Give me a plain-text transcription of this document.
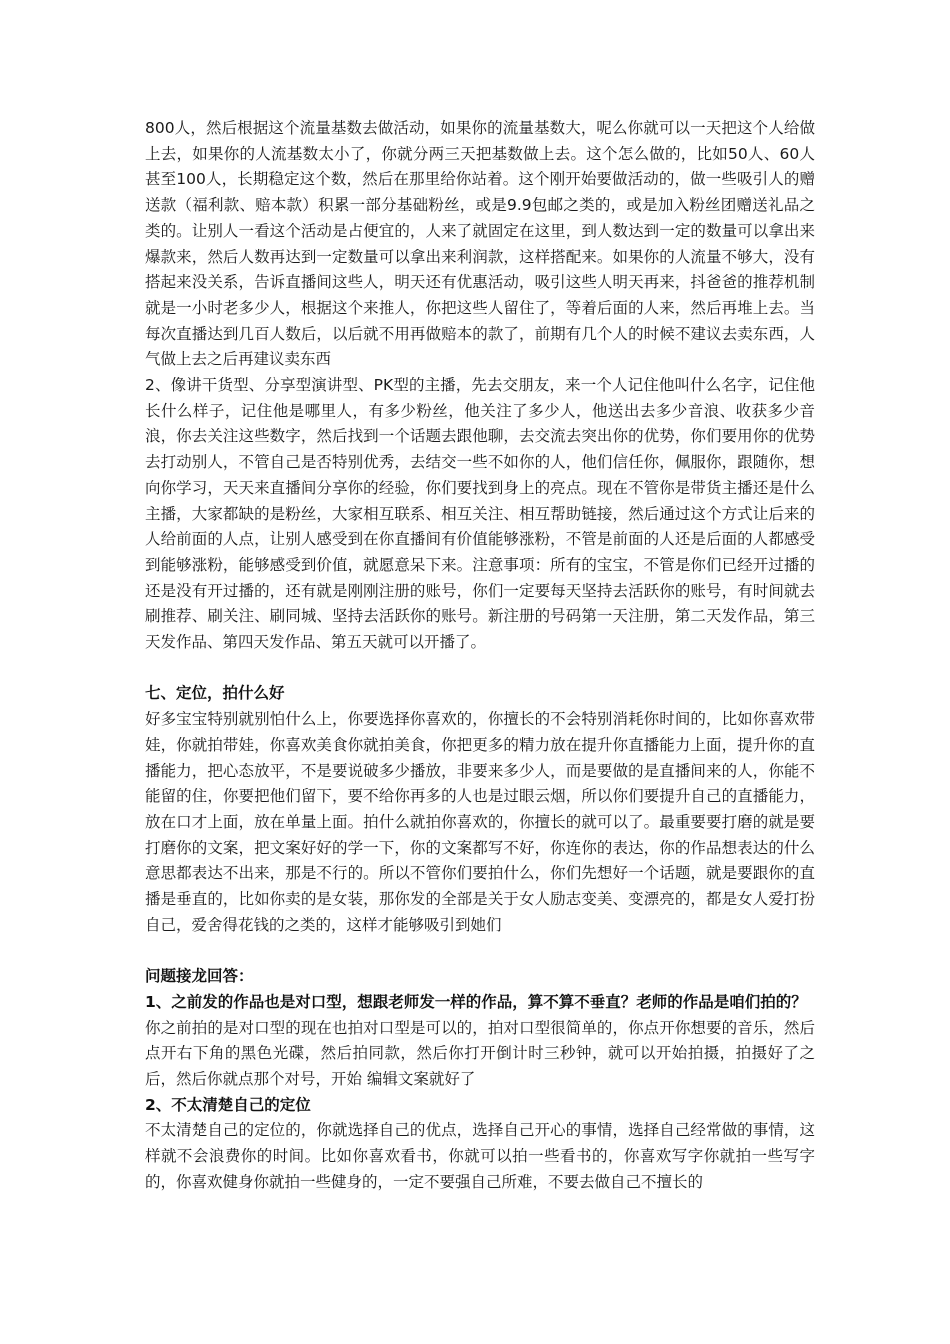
800人，然后根据这个流量基数去做活动，如果你的流量基数大，呢么你就可以一天把这个人给做上去，如果你的人流基数太小了，你就分两三天把基数做上去。这个怎么做的，比如50人、60人甚至100人，长期稳定这个数，然后在那里给你站着。这个刚开始要做活动的，做一些吸引人的赠送款（福利款、赔本款）积累一部分基础粉丝，或是9.9包邮之类的，或是加入粉丝团赠送礼品之类的。让别人一看这个活动是占便宜的，人来了就固定在这里，到人数达到一定的数量可以拿出来爆款来，然后人数再达到一定数量可以拿出来利润款，这样搭配来。如果你的人流量不够大，没有搭起来没关系，告诉直播间这些人，明天还有优惠活动，吸引这些人明天再来，抖爸爸的推荐机制就是一小时老多少人，根据这个来推人，你把这些人留住了，等着后面的人来，然后再堆上去。当每次直播达到几百人数后，以后就不用再做赔本的款了，前期有几个人的时候不建议去卖东西，人气做上去之后再建议卖东西

2、像讲干货型、分享型演讲型、PK型的主播，先去交朋友，来一个人记住他叫什么名字，记住他长什么样子，记住他是哪里人，有多少粉丝，他关注了多少人，他送出去多少音浪、收获多少音浪，你去关注这些数字，然后找到一个话题去跟他聊，去交流去突出你的优势，你们要用你的优势去打动别人，不管自己是否特别优秀，去结交一些不如你的人，他们信任你，佩服你，跟随你，想向你学习，天天来直播间分享你的经验，你们要找到身上的亮点。现在不管你是带货主播还是什么主播，大家都缺的是粉丝，大家相互联系、相互关注、相互帮助链接，然后通过这个方式让后来的人给前面的人点，让别人感受到在你直播间有价值能够涨粉，不管是前面的人还是后面的人都感受到能够涨粉，能够感受到价值，就愿意呆下来。注意事项：所有的宝宝，不管是你们已经开过播的还是没有开过播的，还有就是刚刚注册的账号，你们一定要每天坚持去活跃你的账号，有时间就去刷推荐、刷关注、刷同城、坚持去活跃你的账号。新注册的号码第一天注册，第二天发作品，第三天发作品、第四天发作品、第五天就可以开播了。

七、定位，拍什么好

好多宝宝特别就别怕什么上，你要选择你喜欢的，你擅长的不会特别消耗你时间的，比如你喜欢带娃，你就拍带娃，你喜欢美食你就拍美食，你把更多的精力放在提升你直播能力上面，提升你的直播能力，把心态放平，不是要说破多少播放，非要来多少人，而是要做的是直播间来的人，你能不能留的住，你要把他们留下，要不给你再多的人也是过眼云烟，所以你们要提升自己的直播能力，放在口才上面，放在单量上面。拍什么就拍你喜欢的，你擅长的就可以了。最重要要打磨的就是要打磨你的文案，把文案好好的学一下，你的文案都写不好，你连你的表达，你的作品想表达的什么意思都表达不出来，那是不行的。所以不管你们要拍什么，你们先想好一个话题，就是要跟你的直播是垂直的，比如你卖的是女装，那你发的全部是关于女人励志变美、变漂亮的，都是女人爱打扮自己，爱舍得花钱的之类的，这样才能够吸引到她们

问题接龙回答：

1、之前发的作品也是对口型，想跟老师发一样的作品，算不算不垂直？老师的作品是咱们拍的？

你之前拍的是对口型的现在也拍对口型是可以的，拍对口型很简单的，你点开你想要的音乐，然后点开右下角的黑色光碟，然后拍同款，然后你打开倒计时三秒钟，就可以开始拍摄，拍摄好了之后，然后你就点那个对号，开始 编辑文案就好了

2、不太清楚自己的定位

不太清楚自己的定位的，你就选择自己的优点，选择自己开心的事情，选择自己经常做的事情，这样就不会浪费你的时间。比如你喜欢看书，你就可以拍一些看书的，你喜欢写字你就拍一些写字的，你喜欢健身你就拍一些健身的，一定不要强自己所难，不要去做自己不擅长的
